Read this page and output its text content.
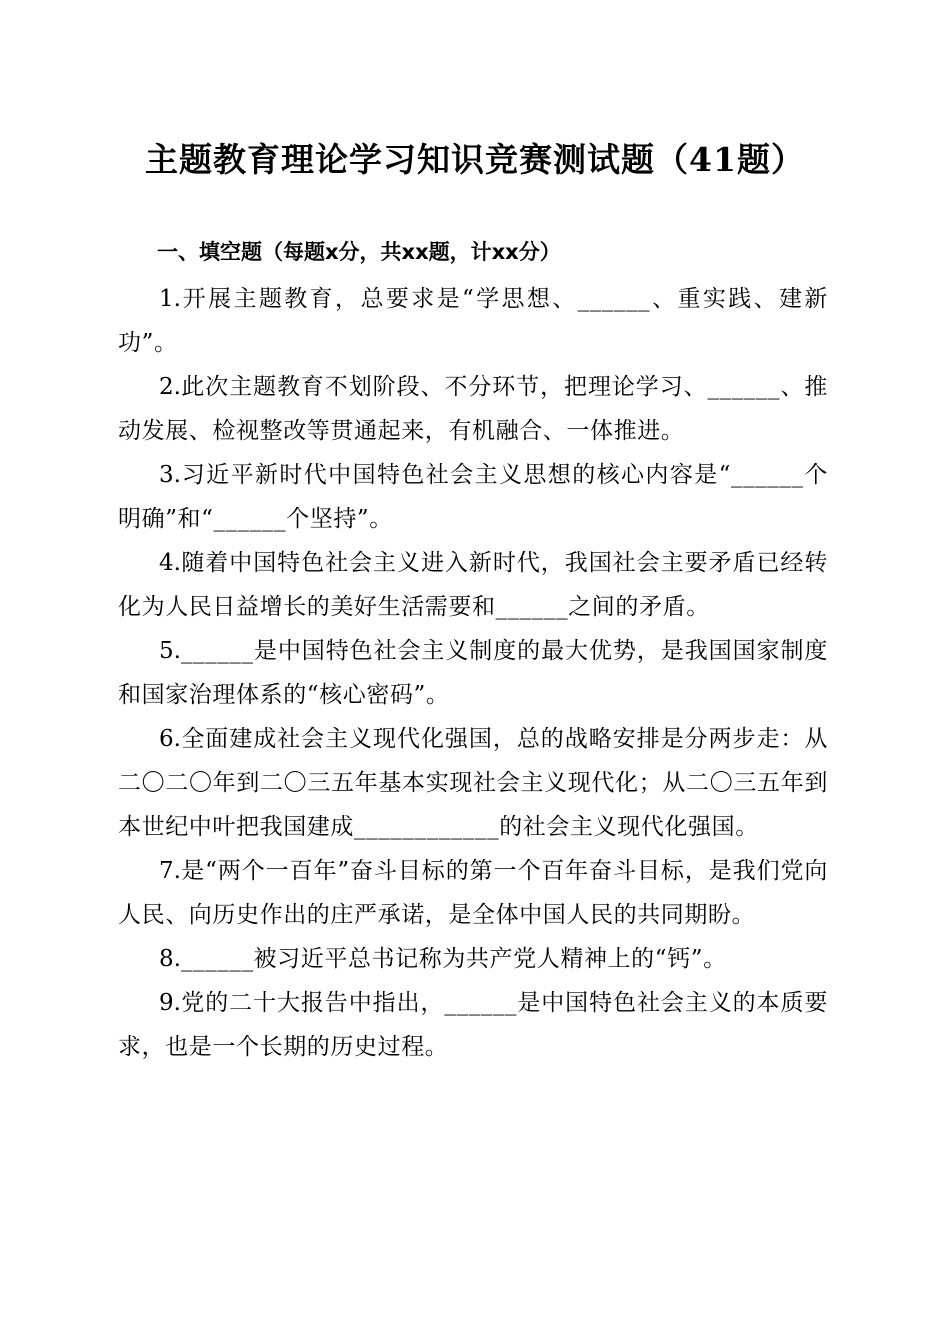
主题教育理论学习知识竞赛测试题（41题）
一、填空题（每题x分，共xx题，计xx分）

1.开展主题教育，总要求是“学思想、______、重实践、建新功”。

2.此次主题教育不划阶段、不分环节，把理论学习、______、推动发展、检视整改等贯通起来，有机融合、一体推进。

3.习近平新时代中国特色社会主义思想的核心内容是“______个明确”和“______个坚持”。

4.随着中国特色社会主义进入新时代，我国社会主要矛盾已经转化为人民日益增长的美好生活需要和______之间的矛盾。

5.______是中国特色社会主义制度的最大优势，是我国国家制度和国家治理体系的“核心密码”。

6.全面建成社会主义现代化强国，总的战略安排是分两步走：从二〇二〇年到二〇三五年基本实现社会主义现代化；从二〇三五年到本世纪中叶把我国建成____________的社会主义现代化强国。

7.是“两个一百年”奋斗目标的第一个百年奋斗目标，是我们党向人民、向历史作出的庄严承诺，是全体中国人民的共同期盼。

8.______被习近平总书记称为共产党人精神上的“钙”。

9.党的二十大报告中指出，______是中国特色社会主义的本质要求，也是一个长期的历史过程。
